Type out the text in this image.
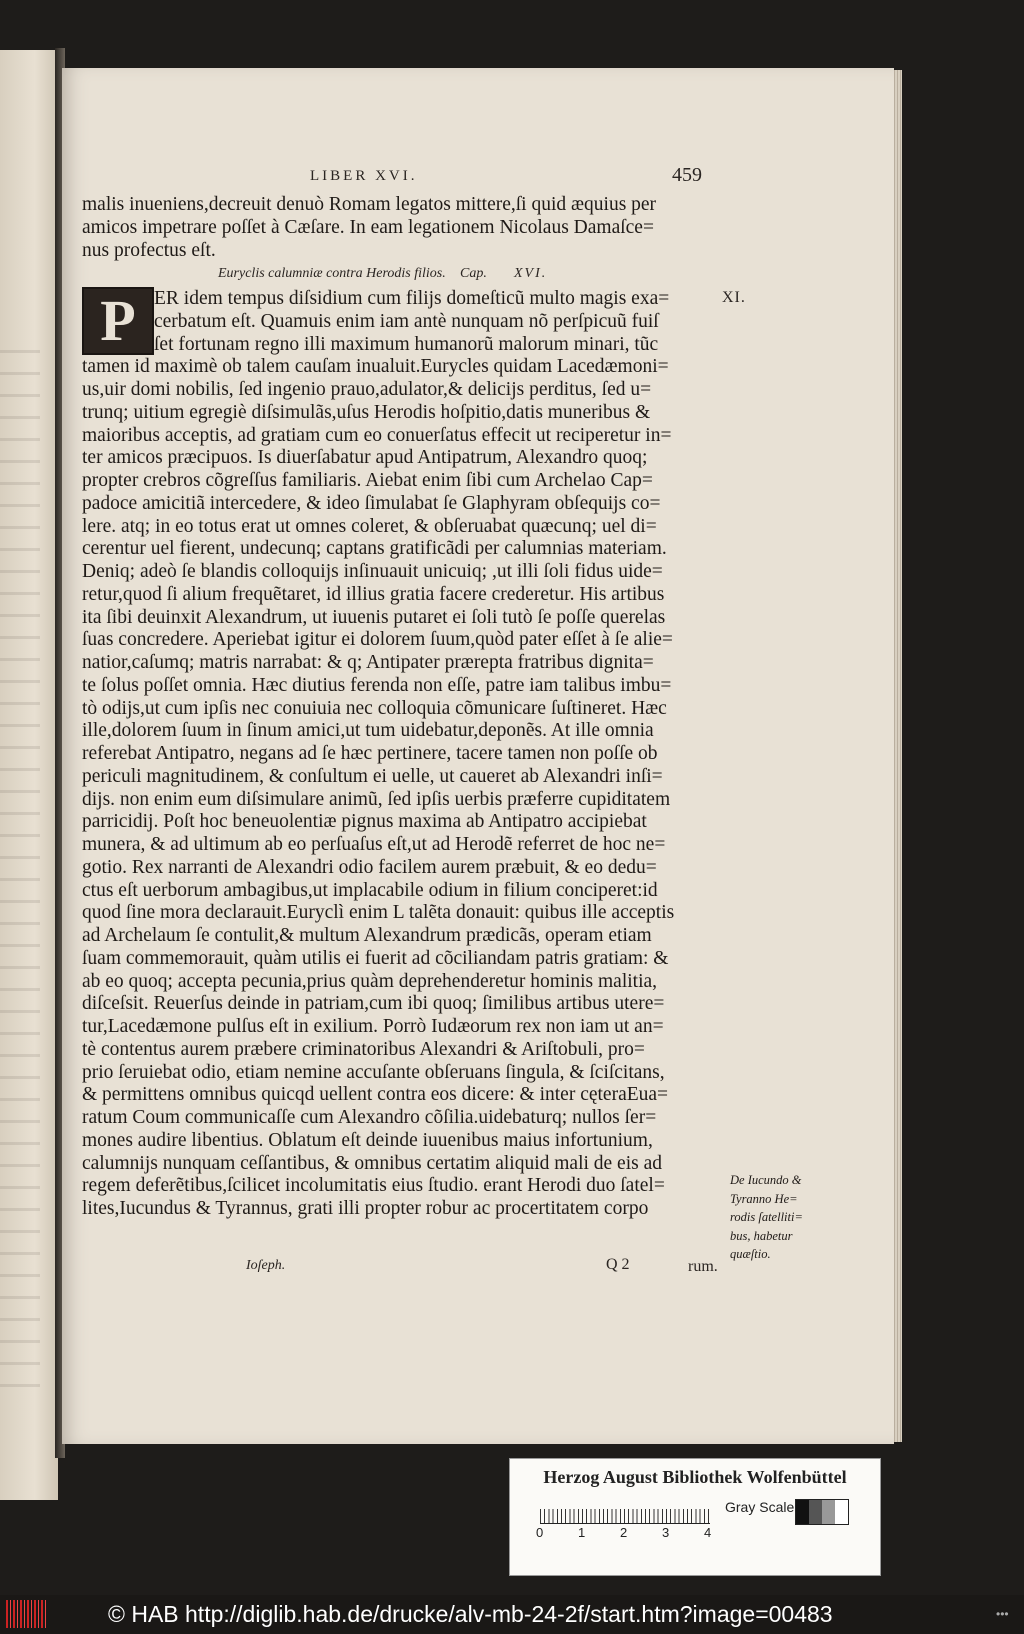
LIBER XVI.	459

malis inueniens,decreuit denuò Romam legatos mittere,ſi quid æquius per

amicos impetrare poſſet à Cæſare. In eam legationem Nicolaus Damaſce=

nus profectus eſt.

Euryclis calumniæ contra Herodis filios. Cap. XVI.
XI.
P ER idem tempus diſsidium cum filijs domeſticũ multo magis exa=

cerbatum eſt. Quamuis enim iam antè nunquam nõ perſpicuũ fuiſ

ſet fortunam regno illi maximum humanorũ malorum minari, tũc

tamen id maximè ob talem cauſam inualuit.Eurycles quidam Lacedæmoni=

us,uir domi nobilis, ſed ingenio prauo,adulator,& delicijs perditus, ſed u=

trunq; uitium egregiè diſsimulãs,uſus Herodis hoſpitio,datis muneribus &

maioribus acceptis, ad gratiam cum eo conuerſatus effecit ut reciperetur in=

ter amicos præcipuos. Is diuerſabatur apud Antipatrum, Alexandro quoq;

propter crebros cõgreſſus familiaris. Aiebat enim ſibi cum Archelao Cap=

padoce amicitiã intercedere, & ideo ſimulabat ſe Glaphyram obſequijs co=

lere. atq; in eo totus erat ut omnes coleret, & obſeruabat quæcunq; uel di=

cerentur uel fierent, undecunq; captans gratificãdi per calumnias materiam.

Deniq; adeò ſe blandis colloquijs inſinuauit unicuiq; ,ut illi ſoli fidus uide=

retur,quod ſi alium frequẽtaret, id illius gratia facere crederetur. His artibus

ita ſibi deuinxit Alexandrum, ut iuuenis putaret ei ſoli tutò ſe poſſe querelas

ſuas concredere. Aperiebat igitur ei dolorem ſuum,quòd pater eſſet à ſe alie=

natior,caſumq; matris narrabat: & q; Antipater prærepta fratribus dignita=

te ſolus poſſet omnia. Hæc diutius ferenda non eſſe, patre iam talibus imbu=

tò odijs,ut cum ipſis nec conuiuia nec colloquia cõmunicare ſuſtineret. Hæc

ille,dolorem ſuum in ſinum amici,ut tum uidebatur,deponẽs. At ille omnia

referebat Antipatro, negans ad ſe hæc pertinere, tacere tamen non poſſe ob

periculi magnitudinem, & conſultum ei uelle, ut caueret ab Alexandri inſi=

dijs. non enim eum diſsimulare animũ, ſed ipſis uerbis præferre cupiditatem

parricidij. Poſt hoc beneuolentiæ pignus maxima ab Antipatro accipiebat

munera, & ad ultimum ab eo perſuaſus eſt,ut ad Herodẽ referret de hoc ne=

gotio. Rex narranti de Alexandri odio facilem aurem præbuit, & eo dedu=

ctus eſt uerborum ambagibus,ut implacabile odium in filium conciperet:id

quod ſine mora declarauit.Euryclì enim L talẽta donauit: quibus ille acceptis

ad Archelaum ſe contulit,& multum Alexandrum prædicãs, operam etiam

ſuam commemorauit, quàm utilis ei fuerit ad cõciliandam patris gratiam: &

ab eo quoq; accepta pecunia,prius quàm deprehenderetur hominis malitia,

diſceſsit. Reuerſus deinde in patriam,cum ibi quoq; ſimilibus artibus utere=

tur,Lacedæmone pulſus eſt in exilium. Porrò Iudæorum rex non iam ut an=

tè contentus aurem præbere criminatoribus Alexandri & Ariſtobuli, pro=

prio ſeruiebat odio, etiam nemine accuſante obſeruans ſingula, & ſciſcitans,

& permittens omnibus quicqd uellent contra eos dicere: & inter cęteraEua=

ratum Coum communicaſſe cum Alexandro cõſilia.uidebaturq; nullos ſer=

mones audire libentius. Oblatum eſt deinde iuuenibus maius infortunium,

calumnijs nunquam ceſſantibus, & omnibus certatim aliquid mali de eis ad

regem deferẽtibus,ſcilicet incolumitatis eius ſtudio. erant Herodi duo ſatel=

lites,Iucundus & Tyrannus, grati illi propter robur ac procertitatem corpo

De Iucundo &
Tyranno He=
rodis ſatelliti=
bus, habetur
quæſtio.
Ioſeph.	Q 2	rum.
Herzog August Bibliothek Wolfenbüttel
0	1	2	3	4
Gray Scale
© HAB http://diglib.hab.de/drucke/alv-mb-24-2f/start.htm?image=00483	•••
